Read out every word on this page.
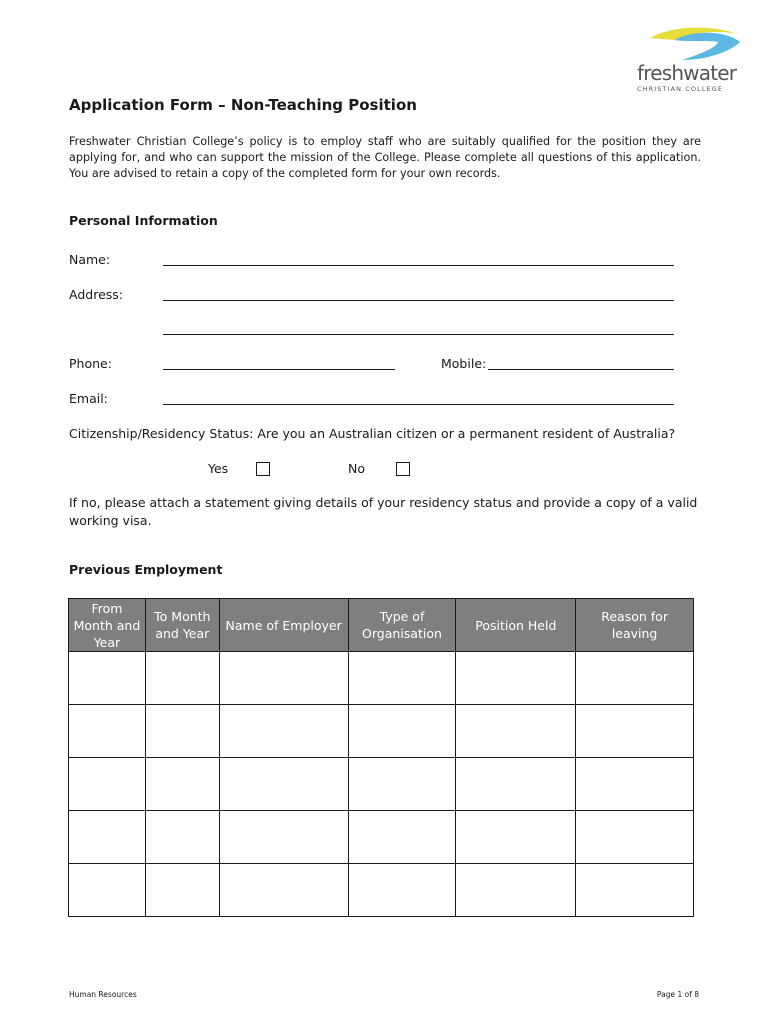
freshwater
CHRISTIAN COLLEGE
Application Form – Non-Teaching Position
Freshwater Christian College’s policy is to employ staff who are suitably qualified for the position they are applying for, and who can support the mission of the College. Please complete all questions of this application. You are advised to retain a copy of the completed form for your own records.
Personal Information
Name:
Address:
Phone:	Mobile:
Email:
Citizenship/Residency Status: Are you an Australian citizen or a permanent resident of Australia?
Yes	No
If no, please attach a statement giving details of your residency status and provide a copy of a valid working visa.
Previous Employment
From Month and Year	To Month and Year	Name of Employer	Type of Organisation	Position Held	Reason for leaving

Human Resources	Page 1 of 8
